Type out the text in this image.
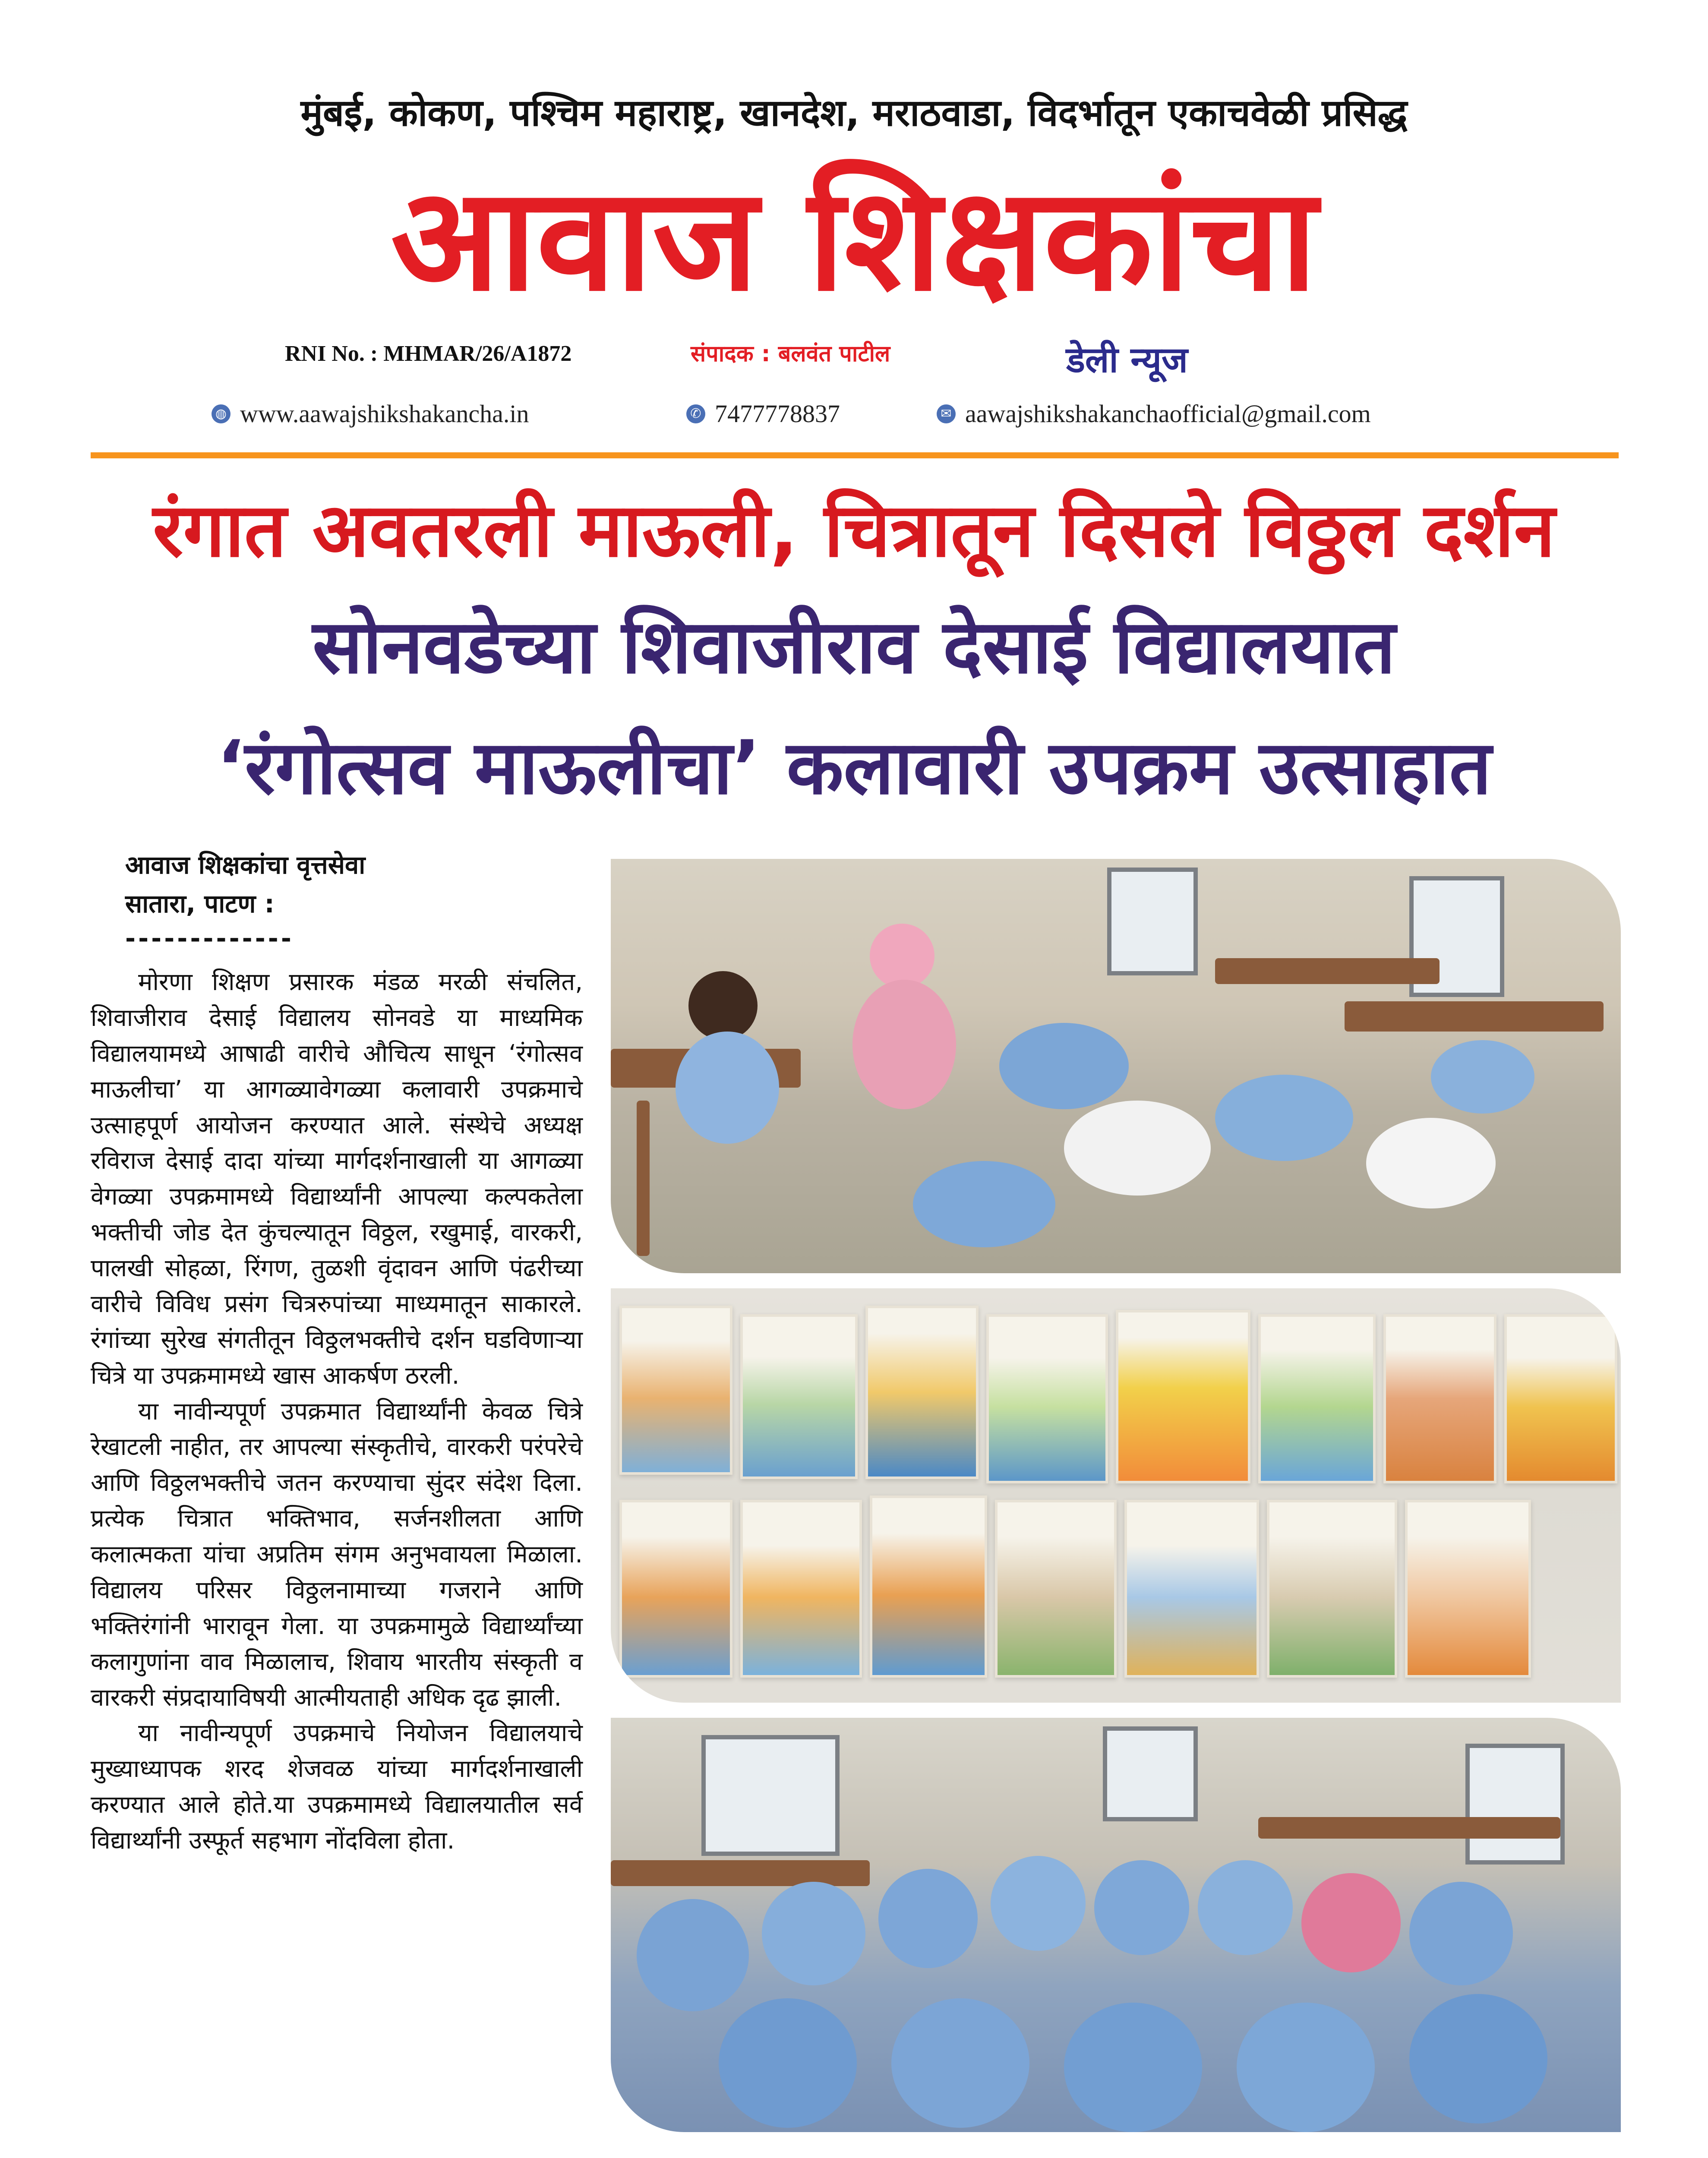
मुंबई, कोकण, पश्चिम महाराष्ट्र, खानदेश, मराठवाडा, विदर्भातून एकाचवेळी प्रसिद्ध
आवाज शिक्षकांचा
RNI No. : MHMAR/26/A1872	संपादक : बलवंत पाटील	डेली न्यूज
◍ www.aawajshikshakancha.in	✆ 7477778837	✉ aawajshikshakanchaofficial@gmail.com
रंगात अवतरली माऊली, चित्रातून दिसले विठ्ठल दर्शन
सोनवडेच्या शिवाजीराव देसाई विद्यालयात
‘रंगोत्सव माऊलीचा’ कलावारी उपक्रम उत्साहात
आवाज शिक्षकांचा वृत्तसेवा
सातारा, पाटण :
-------------

मोरणा शिक्षण प्रसारक मंडळ मरळी संचलित, शिवाजीराव देसाई विद्यालय सोनवडे या माध्यमिक विद्यालयामध्ये आषाढी वारीचे औचित्य साधून ‘रंगोत्सव माऊलीचा’ या आगळ्यावेगळ्या कलावारी उपक्रमाचे उत्साहपूर्ण आयोजन करण्यात आले. संस्थेचे अध्यक्ष रविराज देसाई दादा यांच्या मार्गदर्शनाखाली या आगळ्या वेगळ्या उपक्रमामध्ये विद्यार्थ्यांनी आपल्या कल्पकतेला भक्तीची जोड देत कुंचल्यातून विठ्ठल, रखुमाई, वारकरी, पालखी सोहळा, रिंगण, तुळशी वृंदावन आणि पंढरीच्या वारीचे विविध प्रसंग चित्ररुपांच्या माध्यमातून साकारले. रंगांच्या सुरेख संगतीतून विठ्ठलभक्तीचे दर्शन घडविणाऱ्या चित्रे या उपक्रमामध्ये खास आकर्षण ठरली.

या नावीन्यपूर्ण उपक्रमात विद्यार्थ्यांनी केवळ चित्रे रेखाटली नाहीत, तर आपल्या संस्कृतीचे, वारकरी परंपरेचे आणि विठ्ठलभक्तीचे जतन करण्याचा सुंदर संदेश दिला. प्रत्येक चित्रात भक्तिभाव, सर्जनशीलता आणि कलात्मकता यांचा अप्रतिम संगम अनुभवायला मिळाला. विद्यालय परिसर विठ्ठलनामाच्या गजराने आणि भक्तिरंगांनी भारावून गेला. या उपक्रमामुळे विद्यार्थ्यांच्या कलागुणांना वाव मिळालाच, शिवाय भारतीय संस्कृती व वारकरी संप्रदायाविषयी आत्मीयताही अधिक दृढ झाली.

या नावीन्यपूर्ण उपक्रमाचे नियोजन विद्यालयाचे मुख्याध्यापक शरद शेजवळ यांच्या मार्गदर्शनाखाली करण्यात आले होते.या उपक्रमामध्ये विद्यालयातील सर्व विद्यार्थ्यांनी उस्फूर्त सहभाग नोंदविला होता.
